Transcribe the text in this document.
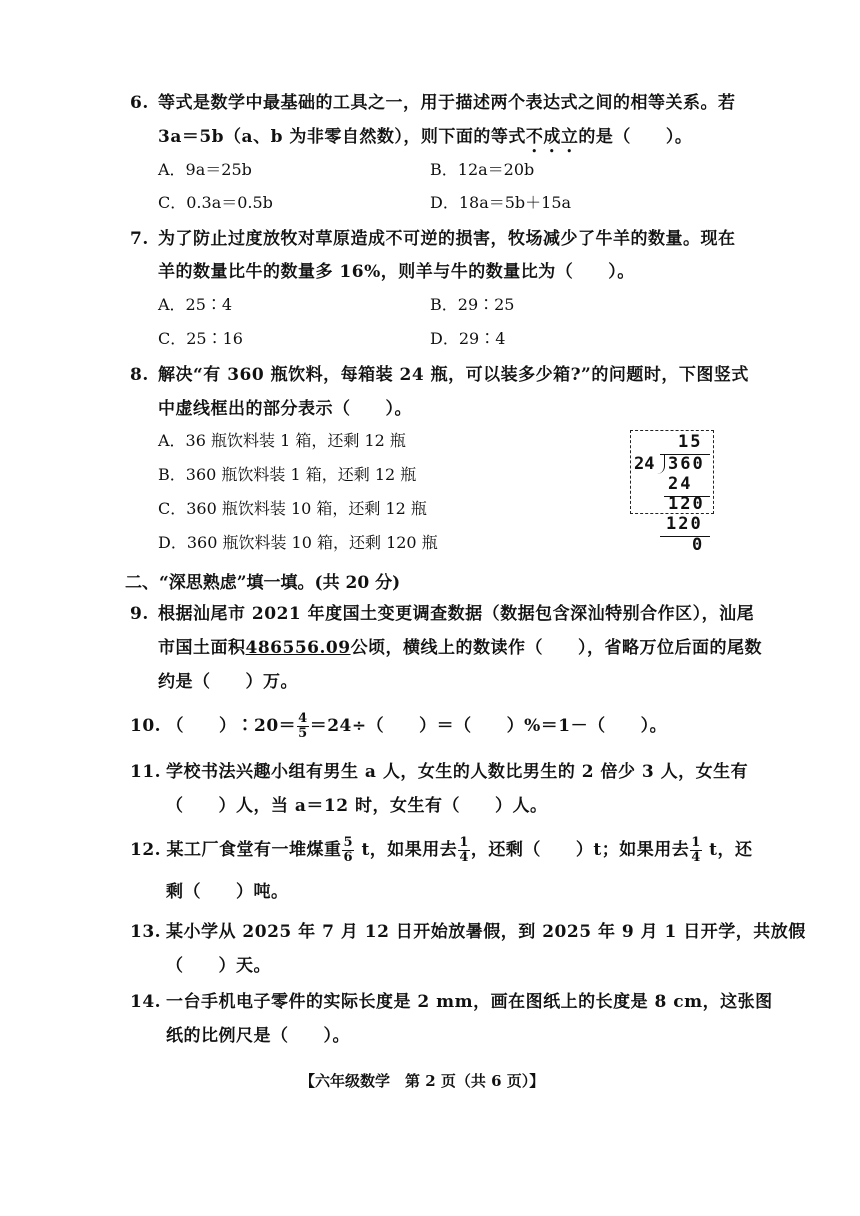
6. 等式是数学中最基础的工具之一，用于描述两个表达式之间的相等关系。若
3a＝5b（a、b 为非零自然数），则下面的等式不成立的是（　　）。
A．9a＝25b	B．12a＝20b
C．0.3a＝0.5b	D．18a＝5b＋15a
7. 为了防止过度放牧对草原造成不可逆的损害，牧场减少了牛羊的数量。现在
羊的数量比牛的数量多 16%，则羊与牛的数量比为（　　）。
A．25∶4	B．29∶25
C．25∶16	D．29∶4
8. 解决“有 360 瓶饮料，每箱装 24 瓶，可以装多少箱?”的问题时，下图竖式
中虚线框出的部分表示（　　）。
A．36 瓶饮料装 1 箱，还剩 12 瓶
B．360 瓶饮料装 1 箱，还剩 12 瓶
C．360 瓶饮料装 10 箱，还剩 12 瓶
D．360 瓶饮料装 10 箱，还剩 120 瓶
15
24 360
24
120
120
0
二、“深思熟虑”填一填。(共 20 分)
9. 根据汕尾市 2021 年度国土变更调查数据（数据包含深汕特别合作区），汕尾
市国土面积486556.09公顷，横线上的数读作（　　），省略万位后面的尾数
约是（　　）万。
10. （　　）∶20＝ $\frac{4}{5} =24\div$（　　）＝（　　）%＝1－（　　）。
11. 学校书法兴趣小组有男生 a 人，女生的人数比男生的 2 倍少 3 人，女生有
（　　）人，当 a＝12 时，女生有（　　）人。
12. 某工厂食堂有一堆煤重 $\frac{5}{6}$ t，如果用去 $\frac{1}{4}$ ，还剩（　　）t；如果用去 $\frac{1}{4}$ t，还
剩（　　）吨。
13. 某小学从 2025 年 7 月 12 日开始放暑假，到 2025 年 9 月 1 日开学，共放假
（　　）天。
14. 一台手机电子零件的实际长度是 2 mm，画在图纸上的长度是 8 cm，这张图
纸的比例尺是（　　）。
【六年级数学　第 2 页（共 6 页）】
